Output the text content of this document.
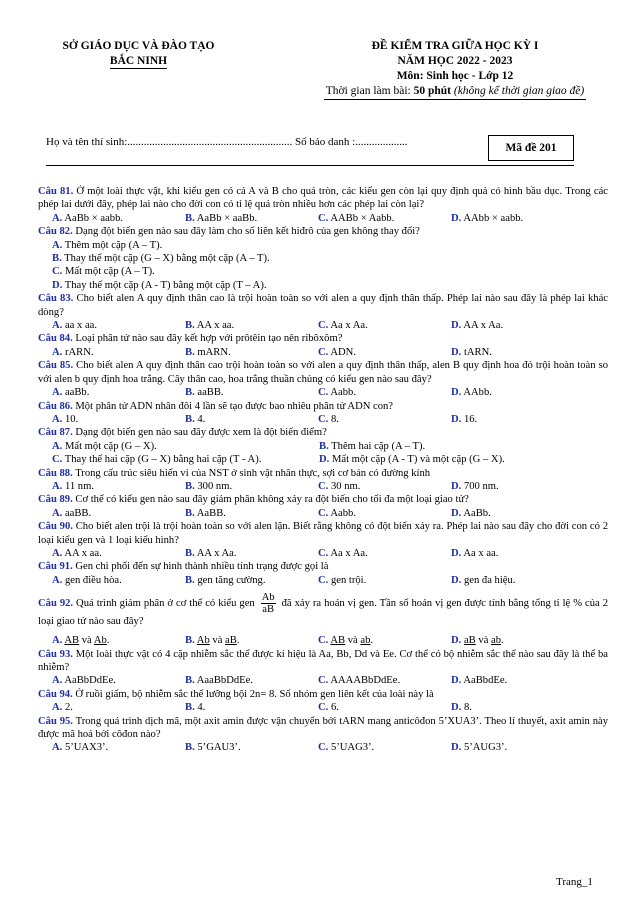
SỞ GIÁO DỤC VÀ ĐÀO TẠO
BẮC NINH
ĐỀ KIỂM TRA GIỮA HỌC KỲ I
NĂM HỌC 2022 - 2023
Môn: Sinh học - Lớp 12
Thời gian làm bài: 50 phút (không kể thời gian giao đề)
Họ và tên thí sinh:............................................................ Số báo danh :...................	Mã đề 201
Câu 81. Ở một loài thực vật, khi kiểu gen có cả A và B cho quả tròn, các kiểu gen còn lại quy định quả có hình bầu dục. Trong các phép lai dưới đây, phép lai nào cho đời con có tỉ lệ quả tròn nhiều hơn các phép lai còn lại?
A. AaBb × aabb.	B. AaBb × aaBb.	C. AABb × Aabb.	D. AAbb × aabb.
Câu 82. Dạng đột biến gen nào sau đây làm cho số liên kết hiđrô của gen không thay đổi?
A. Thêm một cặp (A – T).
B. Thay thế một cặp (G – X) bằng một cặp (A – T).
C. Mất một cặp (A – T).
D. Thay thế một cặp (A - T) bằng một cặp (T – A).
Câu 83. Cho biết alen A quy định thân cao là trội hoàn toàn so với alen a quy định thân thấp. Phép lai nào sau đây là phép lai khác dòng?
A. aa x aa.	B. AA x aa.	C. Aa x Aa.	D. AA x Aa.
Câu 84. Loại phân tử nào sau đây kết hợp với prôtêin tạo nên ribôxôm?
A. rARN.	B. mARN.	C. ADN.	D. tARN.
Câu 85. Cho biết alen A quy định thân cao trội hoàn toàn so với alen a quy định thân thấp, alen B quy định hoa đỏ trội hoàn toàn so với alen b quy định hoa trắng. Cây thân cao, hoa trắng thuần chủng có kiểu gen nào sau đây?
A. aaBb.	B. aaBB.	C. Aabb.	D. AAbb.
Câu 86. Một phân tử ADN nhân đôi 4 lần sẽ tạo được bao nhiêu phân tử ADN con?
A. 10.	B. 4.	C. 8.	D. 16.
Câu 87. Dạng đột biến gen nào sau đây được xem là đột biến điểm?
A. Mất một cặp (G – X).	B. Thêm hai cặp (A – T).
C. Thay thế hai cặp (G – X) bằng hai cặp (T - A).	D. Mất một cặp (A - T) và một cặp (G – X).
Câu 88. Trong cấu trúc siêu hiển vi của NST ở sinh vật nhân thực, sợi cơ bản có đường kính
A. 11 nm.	B. 300 nm.	C. 30 nm.	D. 700 nm.
Câu 89. Cơ thể có kiểu gen nào sau đây giảm phân không xảy ra đột biến cho tối đa một loại giao tử?
A. aaBB.	B. AaBB.	C. Aabb.	D. AaBb.
Câu 90. Cho biết alen trội là trội hoàn toàn so với alen lặn. Biết rằng không có đột biến xảy ra. Phép lai nào sau đây cho đời con có 2 loại kiểu gen và 1 loại kiểu hình?
A. AA x aa.	B. AA x Aa.	C. Aa x Aa.	D. Aa x aa.
Câu 91. Gen chi phối đến sự hình thành nhiều tính trạng được gọi là
A. gen điều hòa.	B. gen tăng cường.	C. gen trội.	D. gen đa hiệu.
Câu 92. Quá trình giảm phân ở cơ thể có kiểu gen $\frac{Ab}{aB}$ đã xảy ra hoán vị gen. Tần số hoán vị gen được tính bằng tổng tỉ lệ % của 2 loại giao tử nào sau đây?
A. AB và Ab.	B. Ab và aB.	C. AB và ab.	D. aB và ab.
Câu 93. Một loài thực vật có 4 cặp nhiễm sắc thể được kí hiệu là Aa, Bb, Dd và Ee. Cơ thể có bộ nhiễm sắc thể nào sau đây là thể ba nhiễm?
A. AaBbDdEe.	B. AaaBbDdEe.	C. AAAABbDdEe.	D. AaBbdEe.
Câu 94. Ở ruồi giấm, bộ nhiễm sắc thể lưỡng bội 2n= 8. Số nhóm gen liên kết của loài này là
A. 2.	B. 4.	C. 6.	D. 8.
Câu 95. Trong quá trình dịch mã, một axit amin được vận chuyển bởi tARN mang anticôđon 5’XUA3’. Theo lí thuyết, axit amin này được mã hoá bởi côđon nào?
A. 5’UAX3’.	B. 5’GAU3’.	C. 5’UAG3’.	D. 5’AUG3’.
Trang_1
